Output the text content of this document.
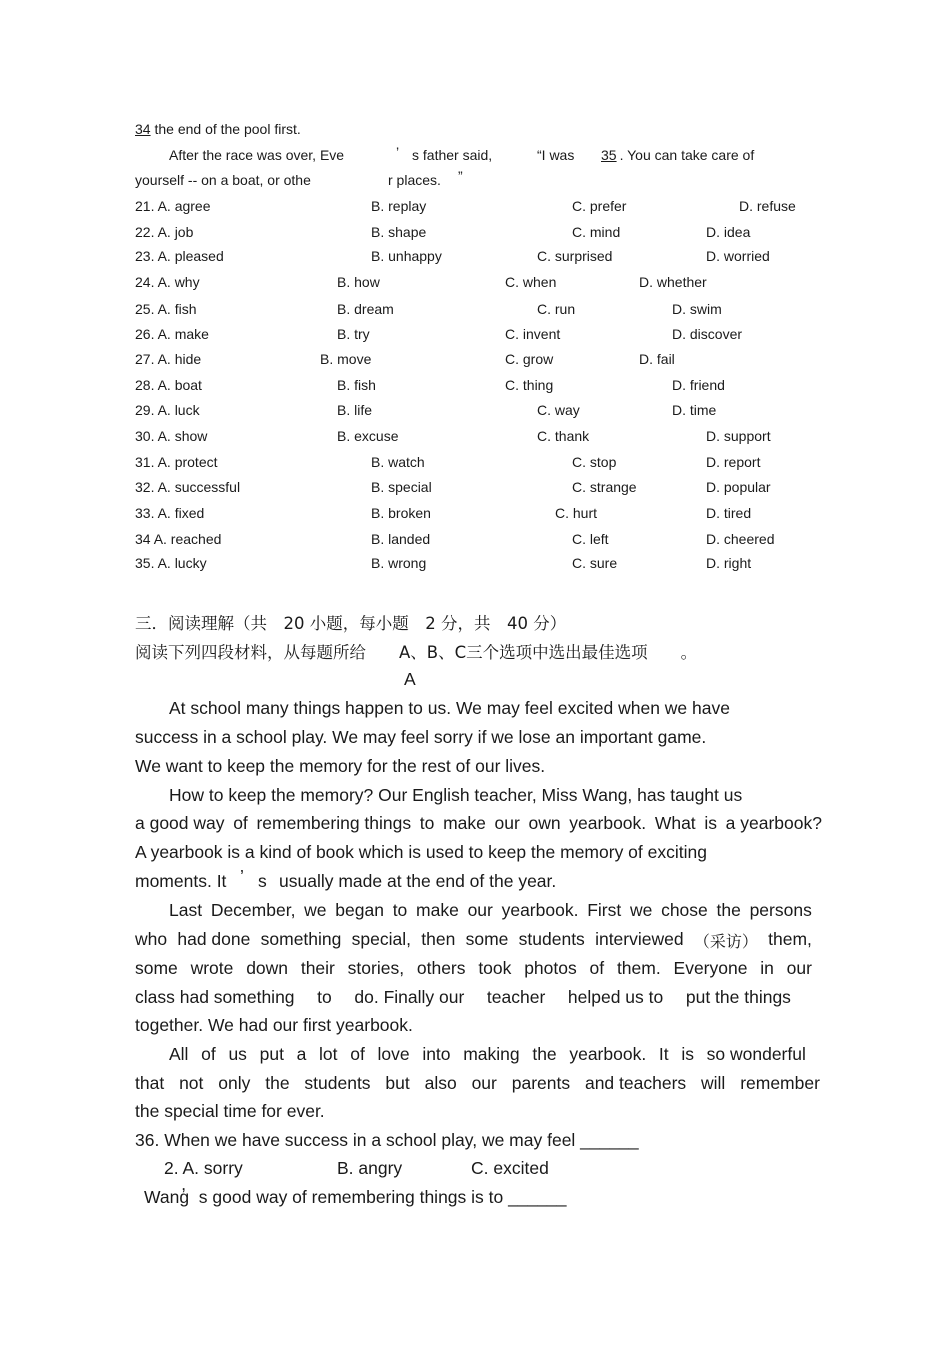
34 the end of the pool first.
After the race was over, Eve	’ s father said,	“I was 35 . You can take care of
yourself -- on a boat, or othe	r places. ”
21. A. agree	B. replay	C. prefer	D. refuse
22. A. job	B. shape	C. mind	D. idea
23. A. pleased	B. unhappy	C. surprised	D. worried
24. A. why	B. how	C. when	D. whether
25. A. fish	B. dream	C. run	D. swim
26. A. make	B. try	C. invent	D. discover
27. A. hide	B. move	C. grow	D. fail
28. A. boat	B. fish	C. thing	D. friend
29. A. luck	B. life	C. way	D. time
30. A. show	B. excuse	C. thank	D. support
31. A. protect	B. watch	C. stop	D. report
32. A. successful	B. special	C. strange	D. popular
33. A. fixed	B. broken	C. hurt	D. tired
34 A. reached	B. landed	C. left	D. cheered
35. A. lucky	B. wrong	C. sure	D. right
三．阅读理解（共　20 小题，每小题　2 分，共　40 分）
阅读下列四段材料，从每题所给　　A、B、C三个选项中选出最佳选项　　。
A
At school many things happen to us. We may feel excited when we have
success in a school play. We may feel sorry if we lose an important game.
We want to keep the memory for the rest of our lives.
How to keep the memory? Our English teacher, Miss Wang, has taught us
a good way of remembering things to make our own yearbook. What is a yearbook?
A yearbook is a kind of book which is used to keep the memory of exciting
moments. It ’ s usually made at the end of the year.
Last December, we began to make our yearbook. First we chose the persons
who had done something special, then some students interviewed （采访） them,
some wrote down their stories, others took photos of them. Everyone in our
class had something to do. Finally our teacher helped us to put the things
together. We had our first yearbook.
All of us put a lot of love into making the yearbook. It is so wonderful
that not only the students but also our parents and teachers will remember
the special time for ever.
36. When we have success in a school play, we may feel ______
2. A. sorry	B. angry	C. excited
Wang̓  s good way of remembering things is to ______
